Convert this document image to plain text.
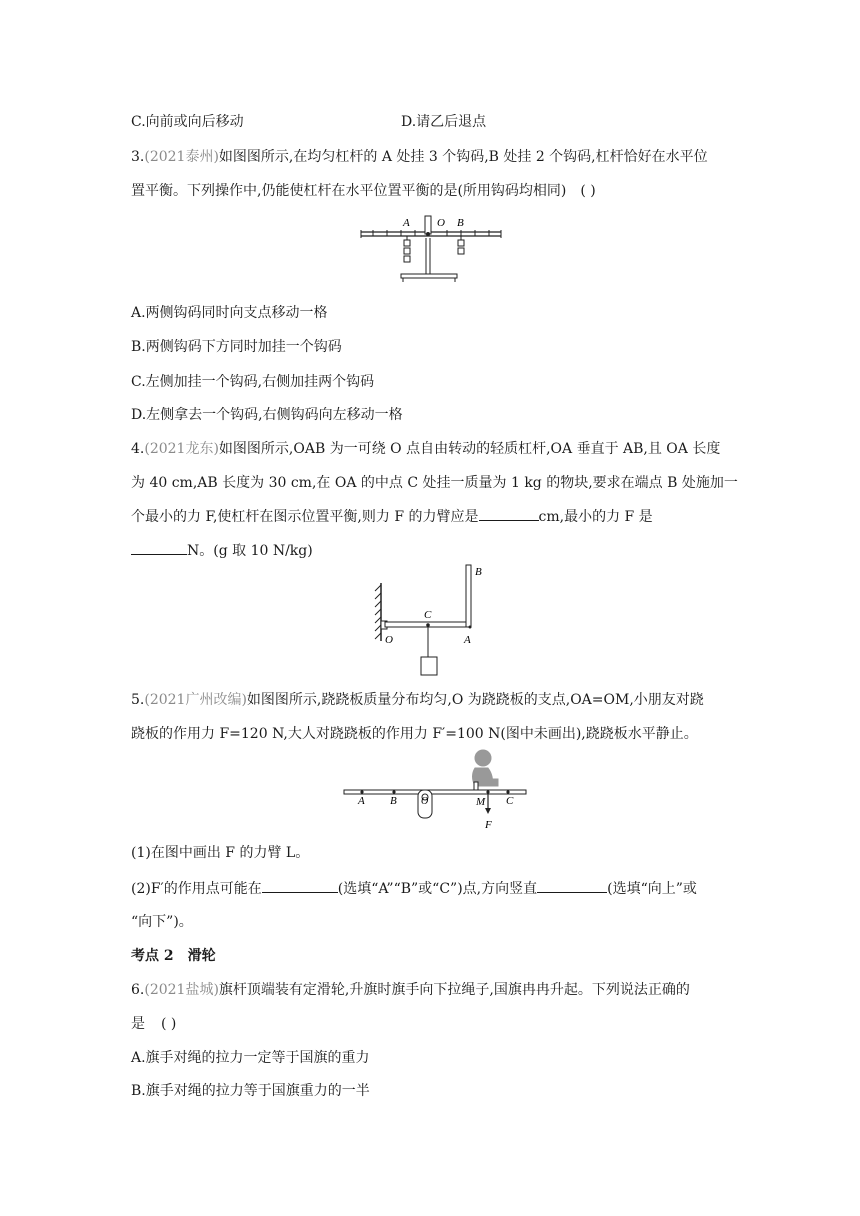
C.向前或向后移动	D.请乙后退点
3.(2021泰州)如图图所示,在均匀杠杆的 A 处挂 3 个钩码,B 处挂 2 个钩码,杠杆恰好在水平位
置平衡。下列操作中,仍能使杠杆在水平位置平衡的是(所用钩码均相同) ( )
A O B
A.两侧钩码同时向支点移动一格
B.两侧钩码下方同时加挂一个钩码
C.左侧加挂一个钩码,右侧加挂两个钩码
D.左侧拿去一个钩码,右侧钩码向左移动一格
4.(2021龙东)如图图所示,OAB 为一可绕 O 点自由转动的轻质杠杆,OA 垂直于 AB,且 OA 长度
为 40 cm,AB 长度为 30 cm,在 OA 的中点 C 处挂一质量为 1 kg 的物块,要求在端点 B 处施加一
个最小的力 F,使杠杆在图示位置平衡,则力 F 的力臂应是	cm,最小的力 F 是
N。(g 取 10 N/kg)
B
C
O	A
5.(2021广州改编)如图图所示,跷跷板质量分布均匀,O 为跷跷板的支点,OA=OM,小朋友对跷
跷板的作用力 F=120 N,大人对跷跷板的作用力 F′=100 N(图中未画出),跷跷板水平静止。
A B O	M C
F
(1)在图中画出 F 的力臂 L。
(2)F′的作用点可能在	(选填“A”“B”或“C”)点,方向竖直	(选填“向上”或
“向下”)。
考点 2 滑轮
6.(2021盐城)旗杆顶端装有定滑轮,升旗时旗手向下拉绳子,国旗冉冉升起。下列说法正确的
是 ( )
A.旗手对绳的拉力一定等于国旗的重力
B.旗手对绳的拉力等于国旗重力的一半
